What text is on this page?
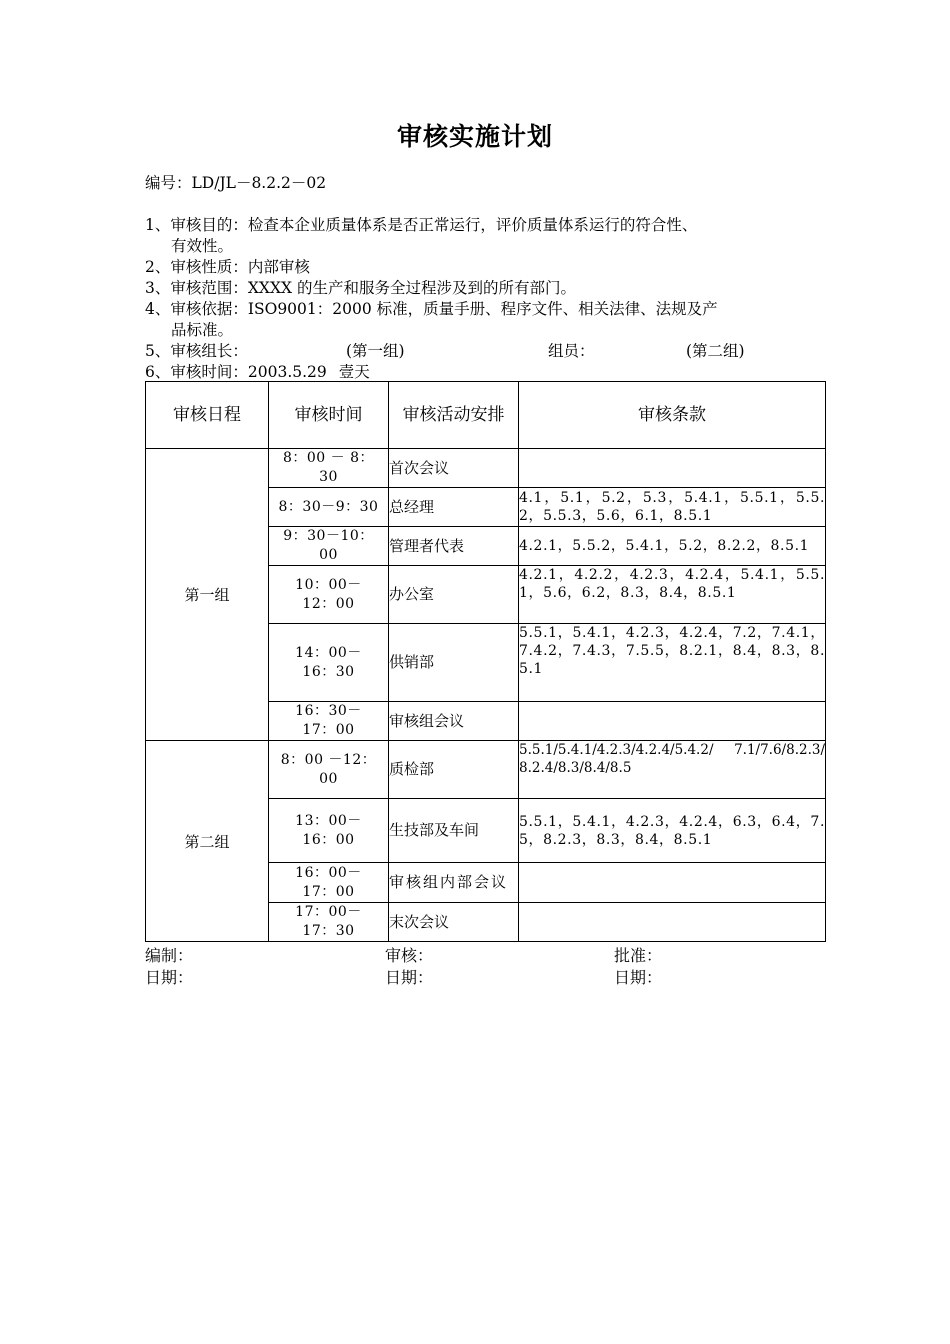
审核实施计划
编号：LD/JL－8.2.2－02
1、审核目的：检查本企业质量体系是否正常运行，评价质量体系运行的符合性、
有效性。
2、审核性质：内部审核
3、审核范围：XXXX 的生产和服务全过程涉及到的所有部门。
4、审核依据：ISO9001：2000 标准，质量手册、程序文件、相关法律、法规及产
品标准。
5、审核组长：	(第一组)	组员：	(第二组)
6、审核时间：2003.5.29 壹天
审核日程	审核时间	审核活动安排	审核条款
第一组	8：00 － 8：30	首次会议	
	8：30－9：30	总经理	4.1，5.1，5.2，5.3，5.4.1，5.5.1，5.5.2，5.5.3，5.6，6.1，8.5.1
	9：30－10：00	管理者代表	4.2.1，5.5.2，5.4.1，5.2，8.2.2，8.5.1
	10：00－12：00	办公室	4.2.1，4.2.2，4.2.3，4.2.4，5.4.1，5.5.1，5.6，6.2，8.3，8.4，8.5.1
	14：00－16：30	供销部	5.5.1，5.4.1，4.2.3，4.2.4，7.2，7.4.1，7.4.2，7.4.3，7.5.5，8.2.1，8.4，8.3，8.5.1
	16：30－17：00	审核组会议	
第二组	8：00 －12：00	质检部	5.5.1/5.4.1/4.2.3/4.2.4/5.4.2/ 7.1/7.6/8.2.3/ 8.2.4/8.3/8.4/8.5
	13：00－16：00	生技部及车间	5.5.1，5.4.1，4.2.3，4.2.4，6.3，6.4，7.5，8.2.3，8.3，8.4，8.5.1
	16：00－17：00	审核组内部会议	
	17：00－17：30	末次会议	
编制：	审核：	批准：
日期：	日期：	日期：
